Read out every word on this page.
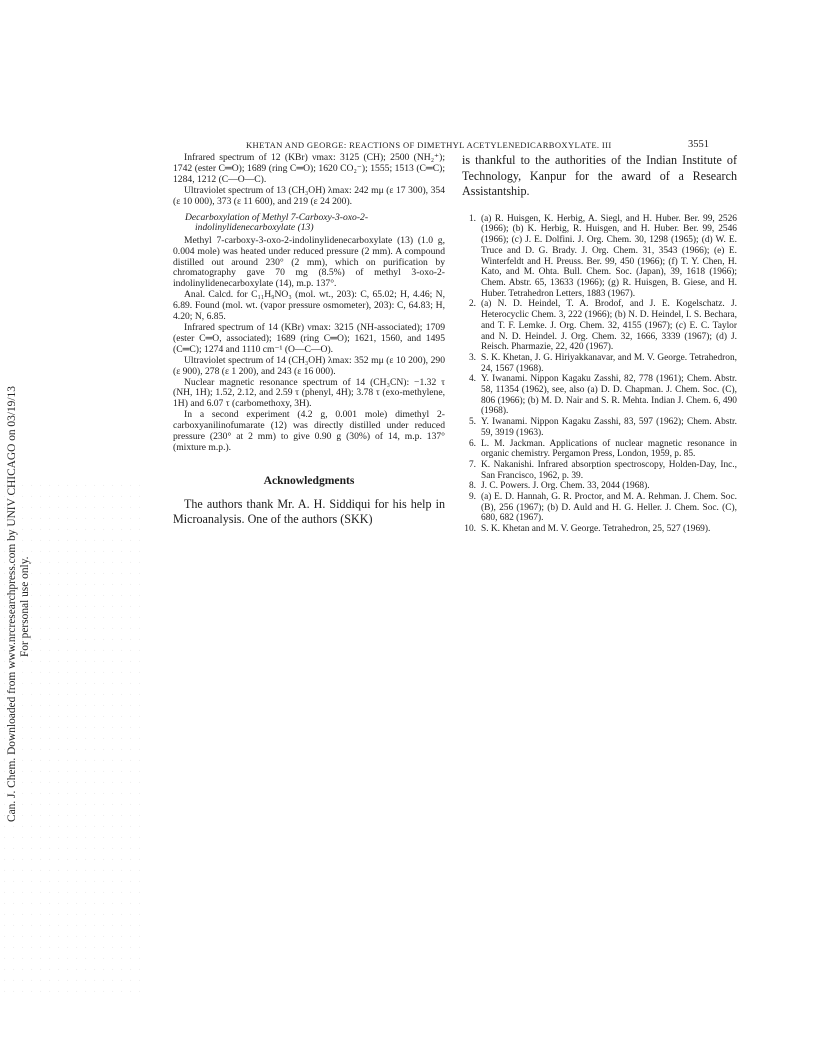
Can. J. Chem. Downloaded from www.nrcresearchpress.com by UNIV CHICAGO on 03/19/13 For personal use only.
KHETAN AND GEORGE: REACTIONS OF DIMETHYL ACETYLENEDICARBOXYLATE. III	3551

Infrared spectrum of 12 (KBr) νmax: 3125 (CH); 2500 (NH₂⁺); 1742 (ester C═O); 1689 (ring C═O); 1620 CO₂⁻); 1555; 1513 (C═C); 1284, 1212 (C—O—C).

Ultraviolet spectrum of 13 (CH₃OH) λmax: 242 mμ (ε 17 300), 354 (ε 10 000), 373 (ε 11 600), and 219 (ε 24 200).

Decarboxylation of Methyl 7-Carboxy-3-oxo-2-
indolinylidenecarboxylate (13)

Methyl 7-carboxy-3-oxo-2-indolinylidenecarboxylate (13) (1.0 g, 0.004 mole) was heated under reduced pressure (2 mm). A compound distilled out around 230° (2 mm), which on purification by chromatography gave 70 mg (8.5%) of methyl 3-oxo-2-indolinylidenecarboxylate (14), m.p. 137°.

Anal. Calcd. for C₁₁H₉NO₃ (mol. wt., 203): C, 65.02; H, 4.46; N, 6.89. Found (mol. wt. (vapor pressure osmometer), 203): C, 64.83; H, 4.20; N, 6.85.

Infrared spectrum of 14 (KBr) νmax: 3215 (NH-associated); 1709 (ester C═O, associated); 1689 (ring C═O); 1621, 1560, and 1495 (C═C); 1274 and 1110 cm⁻¹ (O—C—O).

Ultraviolet spectrum of 14 (CH₃OH) λmax: 352 mμ (ε 10 200), 290 (ε 900), 278 (ε 1 200), and 243 (ε 16 000).

Nuclear magnetic resonance spectrum of 14 (CH₃CN): −1.32 τ (NH, 1H); 1.52, 2.12, and 2.59 τ (phenyl, 4H); 3.78 τ (exo-methylene, 1H) and 6.07 τ (carbomethoxy, 3H).

In a second experiment (4.2 g, 0.001 mole) dimethyl 2-carboxyanilinofumarate (12) was directly distilled under reduced pressure (230° at 2 mm) to give 0.90 g (30%) of 14, m.p. 137° (mixture m.p.).

Acknowledgments

The authors thank Mr. A. H. Siddiqui for his help in Microanalysis. One of the authors (SKK)

is thankful to the authorities of the Indian Institute of Technology, Kanpur for the award of a Research Assistantship.

1. (a) R. Huisgen, K. Herbig, A. Siegl, and H. Huber. Ber. 99, 2526 (1966); (b) K. Herbig, R. Huisgen, and H. Huber. Ber. 99, 2546 (1966); (c) J. E. Dolfini. J. Org. Chem. 30, 1298 (1965); (d) W. E. Truce and D. G. Brady. J. Org. Chem. 31, 3543 (1966); (e) E. Winterfeldt and H. Preuss. Ber. 99, 450 (1966); (f) T. Y. Chen, H. Kato, and M. Ohta. Bull. Chem. Soc. (Japan), 39, 1618 (1966); Chem. Abstr. 65, 13633 (1966); (g) R. Huisgen, B. Giese, and H. Huber. Tetrahedron Letters, 1883 (1967).
2. (a) N. D. Heindel, T. A. Brodof, and J. E. Kogelschatz. J. Heterocyclic Chem. 3, 222 (1966); (b) N. D. Heindel, I. S. Bechara, and T. F. Lemke. J. Org. Chem. 32, 4155 (1967); (c) E. C. Taylor and N. D. Heindel. J. Org. Chem. 32, 1666, 3339 (1967); (d) J. Reisch. Pharmazie, 22, 420 (1967).
3. S. K. Khetan, J. G. Hiriyakkanavar, and M. V. George. Tetrahedron, 24, 1567 (1968).
4. Y. Iwanami. Nippon Kagaku Zasshi, 82, 778 (1961); Chem. Abstr. 58, 11354 (1962), see, also (a) D. D. Chapman. J. Chem. Soc. (C), 806 (1966); (b) M. D. Nair and S. R. Mehta. Indian J. Chem. 6, 490 (1968).
5. Y. Iwanami. Nippon Kagaku Zasshi, 83, 597 (1962); Chem. Abstr. 59, 3919 (1963).
6. L. M. Jackman. Applications of nuclear magnetic resonance in organic chemistry. Pergamon Press, London, 1959, p. 85.
7. K. Nakanishi. Infrared absorption spectroscopy, Holden-Day, Inc., San Francisco, 1962, p. 39.
8. J. C. Powers. J. Org. Chem. 33, 2044 (1968).
9. (a) E. D. Hannah, G. R. Proctor, and M. A. Rehman. J. Chem. Soc. (B), 256 (1967); (b) D. Auld and H. G. Heller. J. Chem. Soc. (C), 680, 682 (1967).
10. S. K. Khetan and M. V. George. Tetrahedron, 25, 527 (1969).
